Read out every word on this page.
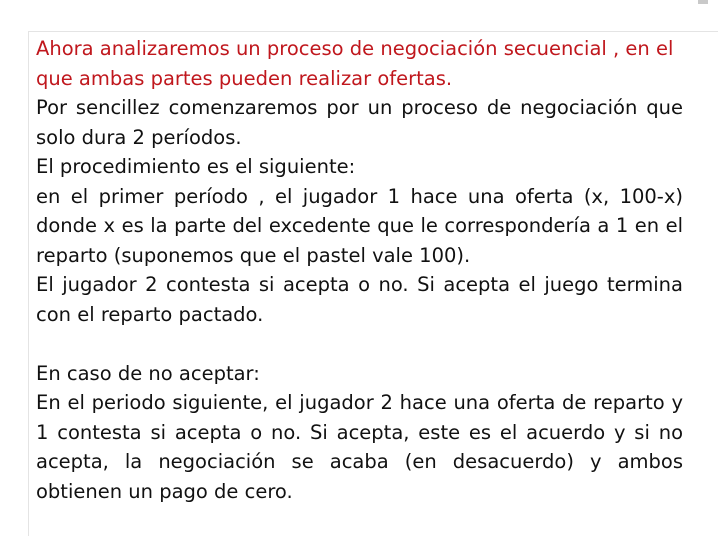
Ahora analizaremos un proceso de negociación secuencial , en el que ambas partes pueden realizar ofertas.

Por sencillez comenzaremos por un proceso de negociación que solo dura 2 períodos.

El procedimiento es el siguiente:

en el primer período , el jugador 1 hace una oferta (x, 100-x) donde x es la parte del excedente que le correspondería a 1 en el reparto (suponemos que el pastel vale 100).

El jugador 2 contesta si acepta o no. Si acepta el juego termina con el reparto pactado.

En caso de no aceptar:

En el periodo siguiente, el jugador 2 hace una oferta de reparto y 1 contesta si acepta o no. Si acepta, este es el acuerdo y si no acepta, la negociación se acaba (en desacuerdo) y ambos obtienen un pago de cero.
